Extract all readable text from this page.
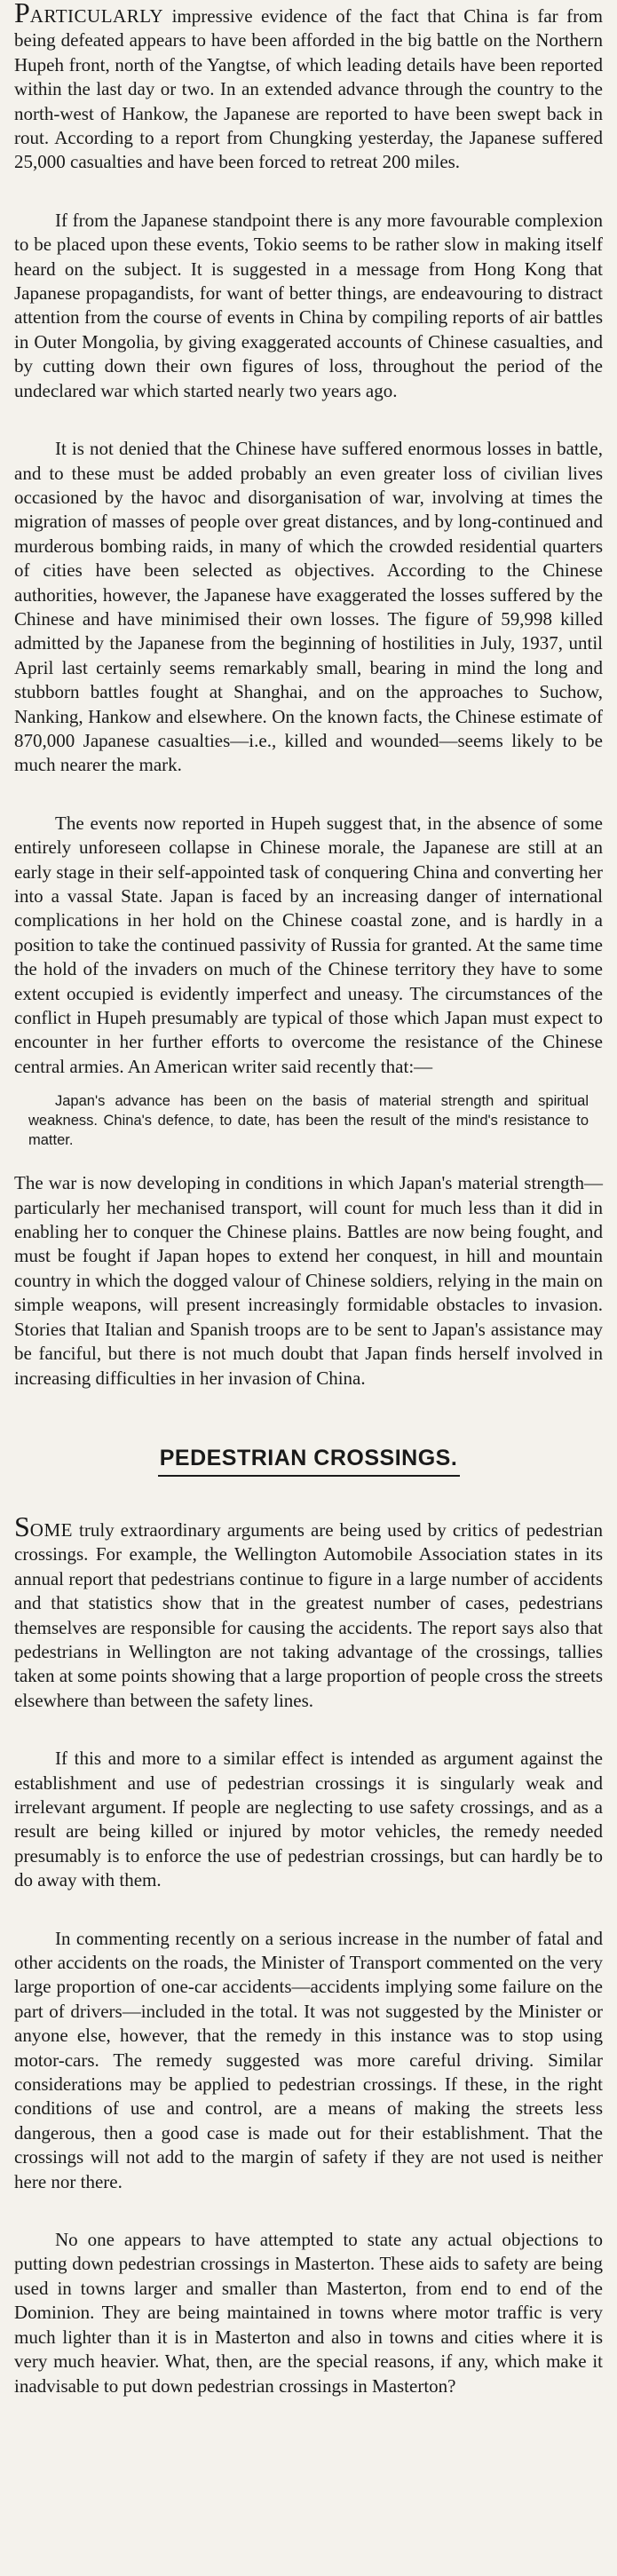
PARTICULARLY impressive evidence of the fact that China is far from being defeated appears to have been afforded in the big battle on the Northern Hupeh front, north of the Yangtse, of which leading details have been reported within the last day or two. In an extended advance through the country to the north-west of Hankow, the Japanese are reported to have been swept back in rout. According to a report from Chungking yesterday, the Japanese suffered 25,000 casualties and have been forced to retreat 200 miles.

If from the Japanese standpoint there is any more favourable complexion to be placed upon these events, Tokio seems to be rather slow in making itself heard on the subject. It is suggested in a message from Hong Kong that Japanese propagandists, for want of better things, are endeavouring to distract attention from the course of events in China by compiling reports of air battles in Outer Mongolia, by giving exaggerated accounts of Chinese casualties, and by cutting down their own figures of loss, throughout the period of the undeclared war which started nearly two years ago.

It is not denied that the Chinese have suffered enormous losses in battle, and to these must be added probably an even greater loss of civilian lives occasioned by the havoc and disorganisation of war, involving at times the migration of masses of people over great distances, and by long-continued and murderous bombing raids, in many of which the crowded residential quarters of cities have been selected as objectives. According to the Chinese authorities, however, the Japanese have exaggerated the losses suffered by the Chinese and have minimised their own losses. The figure of 59,998 killed admitted by the Japanese from the beginning of hostilities in July, 1937, until April last certainly seems remarkably small, bearing in mind the long and stubborn battles fought at Shanghai, and on the approaches to Suchow, Nanking, Hankow and elsewhere. On the known facts, the Chinese estimate of 870,000 Japanese casualties—i.e., killed and wounded—seems likely to be much nearer the mark.

The events now reported in Hupeh suggest that, in the absence of some entirely unforeseen collapse in Chinese morale, the Japanese are still at an early stage in their self-appointed task of conquering China and converting her into a vassal State. Japan is faced by an increasing danger of international complications in her hold on the Chinese coastal zone, and is hardly in a position to take the continued passivity of Russia for granted. At the same time the hold of the invaders on much of the Chinese territory they have to some extent occupied is evidently imperfect and uneasy. The circumstances of the conflict in Hupeh presumably are typical of those which Japan must expect to encounter in her further efforts to overcome the resistance of the Chinese central armies. An American writer said recently that:—

Japan's advance has been on the basis of material strength and spiritual weakness. China's defence, to date, has been the result of the mind's resistance to matter.

The war is now developing in conditions in which Japan's material strength—particularly her mechanised transport, will count for much less than it did in enabling her to conquer the Chinese plains. Battles are now being fought, and must be fought if Japan hopes to extend her conquest, in hill and mountain country in which the dogged valour of Chinese soldiers, relying in the main on simple weapons, will present increasingly formidable obstacles to invasion. Stories that Italian and Spanish troops are to be sent to Japan's assistance may be fanciful, but there is not much doubt that Japan finds herself involved in increasing difficulties in her invasion of China.

PEDESTRIAN CROSSINGS.

SOME truly extraordinary arguments are being used by critics of pedestrian crossings. For example, the Wellington Automobile Association states in its annual report that pedestrians continue to figure in a large number of accidents and that statistics show that in the greatest number of cases, pedestrians themselves are responsible for causing the accidents. The report says also that pedestrians in Wellington are not taking advantage of the crossings, tallies taken at some points showing that a large proportion of people cross the streets elsewhere than between the safety lines.

If this and more to a similar effect is intended as argument against the establishment and use of pedestrian crossings it is singularly weak and irrelevant argument. If people are neglecting to use safety crossings, and as a result are being killed or injured by motor vehicles, the remedy needed presumably is to enforce the use of pedestrian crossings, but can hardly be to do away with them.

In commenting recently on a serious increase in the number of fatal and other accidents on the roads, the Minister of Transport commented on the very large proportion of one-car accidents—accidents implying some failure on the part of drivers—included in the total. It was not suggested by the Minister or anyone else, however, that the remedy in this instance was to stop using motor-cars. The remedy suggested was more careful driving. Similar considerations may be applied to pedestrian crossings. If these, in the right conditions of use and control, are a means of making the streets less dangerous, then a good case is made out for their establishment. That the crossings will not add to the margin of safety if they are not used is neither here nor there.

No one appears to have attempted to state any actual objections to putting down pedestrian crossings in Masterton. These aids to safety are being used in towns larger and smaller than Masterton, from end to end of the Dominion. They are being maintained in towns where motor traffic is very much lighter than it is in Masterton and also in towns and cities where it is very much heavier. What, then, are the special reasons, if any, which make it inadvisable to put down pedestrian crossings in Masterton?
